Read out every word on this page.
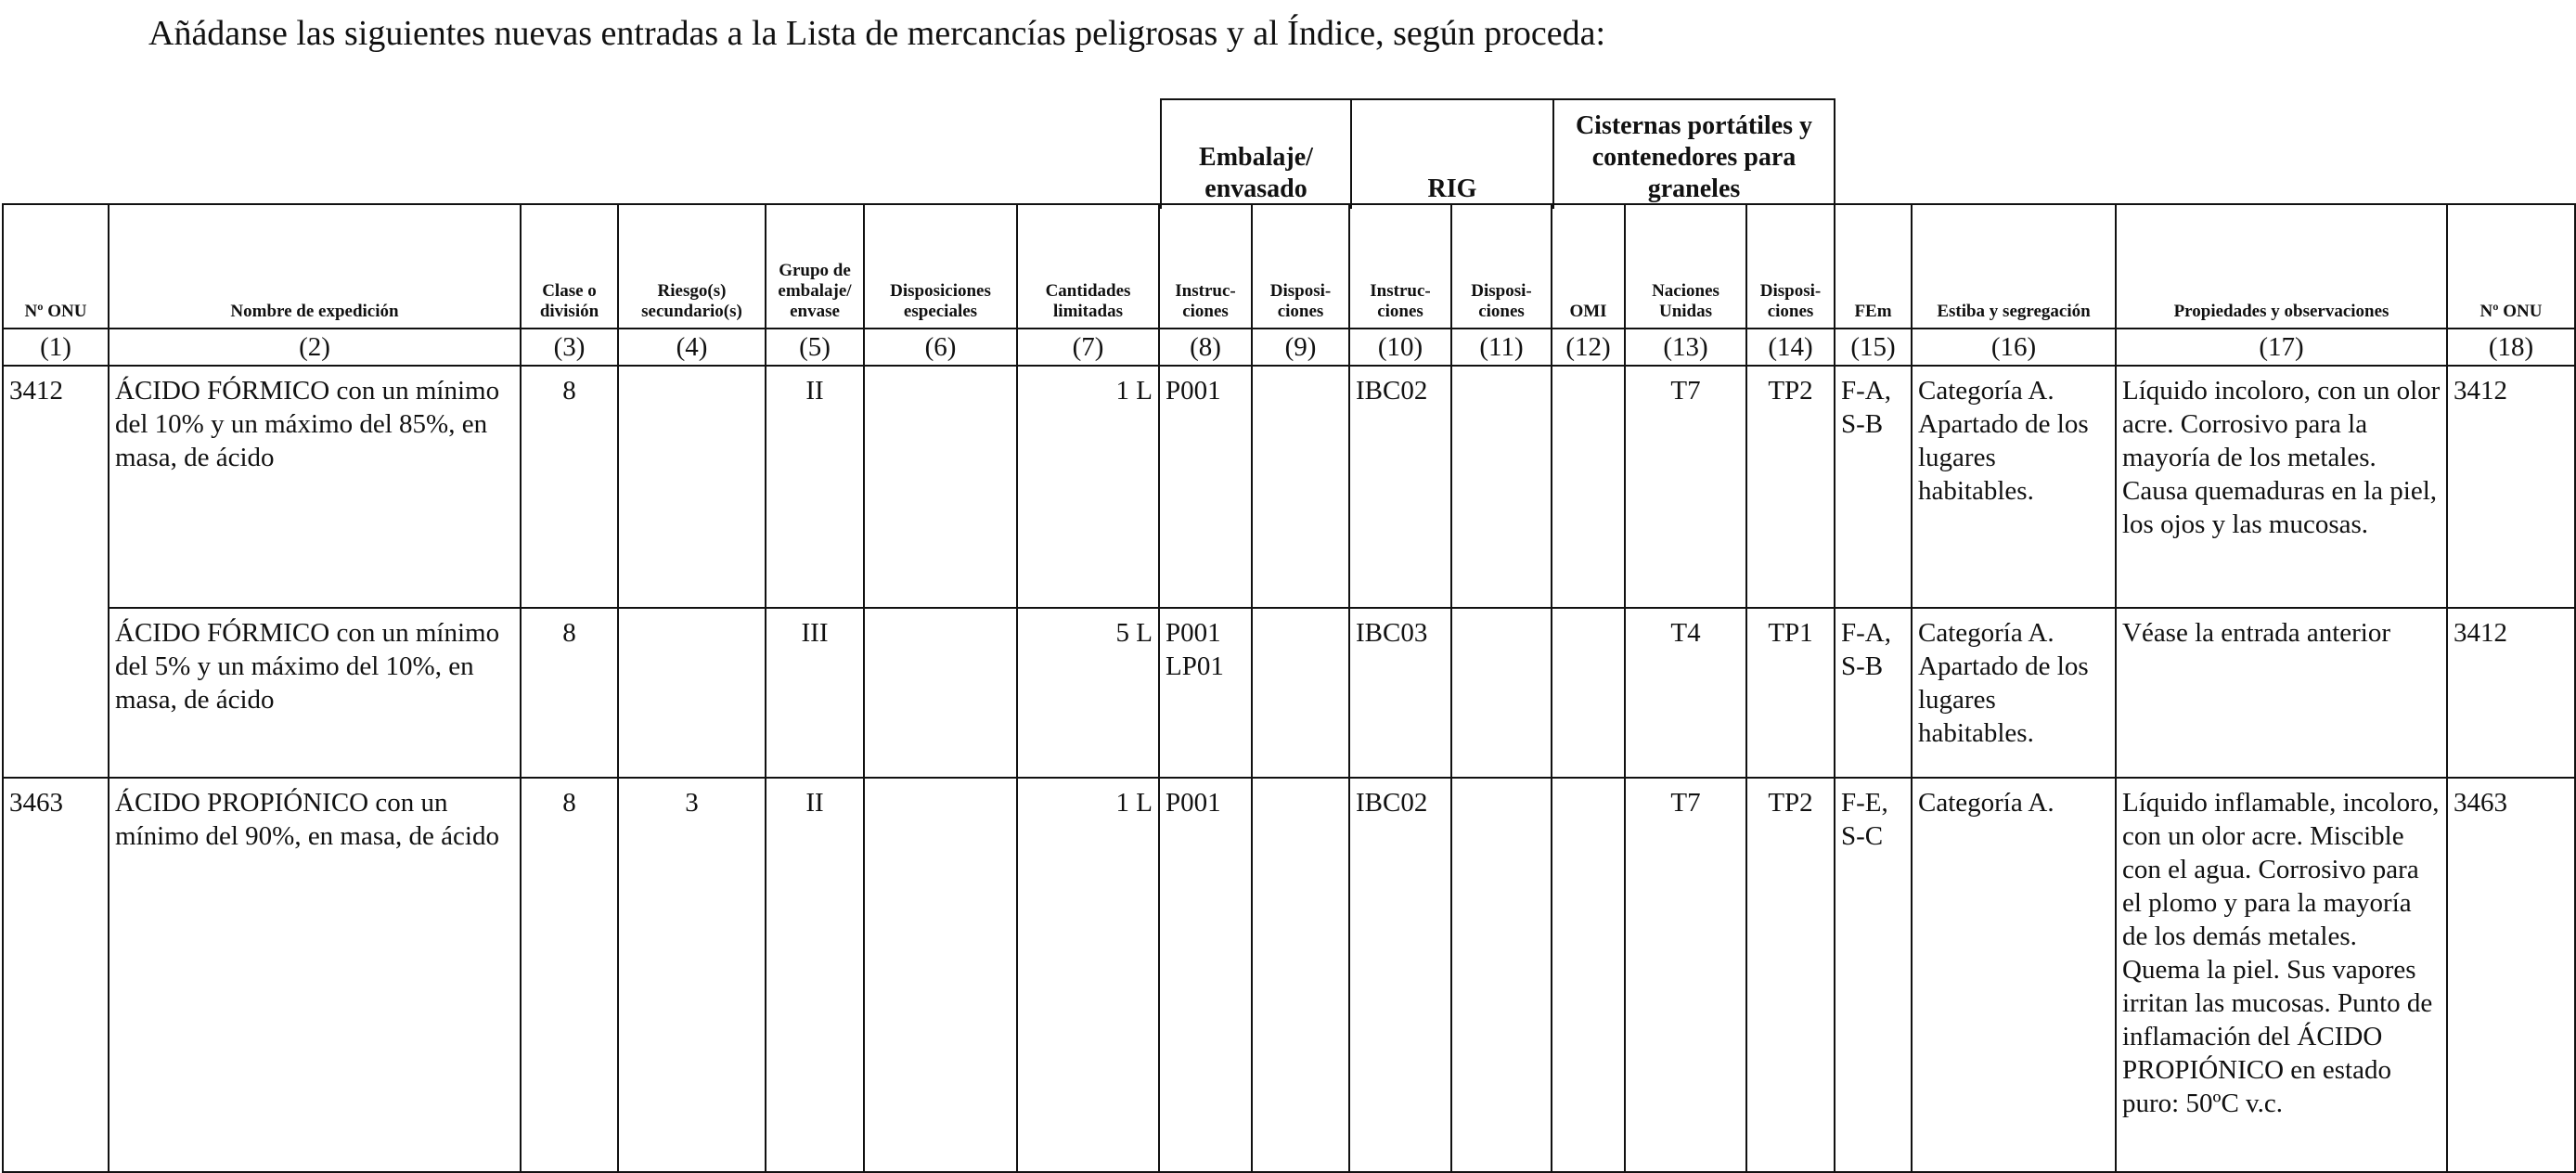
Añádanse las siguientes nuevas entradas a la Lista de mercancías peligrosas y al Índice, según proceda:
Embalaje/ envasado	RIG	Cisternas portátiles y contenedores para graneles
Nº ONU	Nombre de expedición	Clase o división	Riesgo(s) secundario(s)	Grupo de embalaje/ envase	Disposiciones especiales	Cantidades limitadas	Instruc- ciones	Disposi- ciones	Instruc- ciones	Disposi- ciones	OMI	Naciones Unidas	Disposi- ciones	FEm	Estiba y segregación	Propiedades y observaciones	Nº ONU
(1)	(2)	(3)	(4)	(5)	(6)	(7)	(8)	(9)	(10)	(11)	(12)	(13)	(14)	(15)	(16)	(17)	(18)
3412	ÁCIDO FÓRMICO con un mínimo del 10% y un máximo del 85%, en masa, de ácido	8		II		1 L	P001		IBC02			T7	TP2	F-A, S-B	Categoría A. Apartado de los lugares habitables.	Líquido incoloro, con un olor acre. Corrosivo para la mayoría de los metales. Causa quemaduras en la piel, los ojos y las mucosas.	3412
	ÁCIDO FÓRMICO con un mínimo del 5% y un máximo del 10%, en masa, de ácido	8		III		5 L	P001 LP01		IBC03			T4	TP1	F-A, S-B	Categoría A. Apartado de los lugares habitables.	Véase la entrada anterior	3412
3463	ÁCIDO PROPIÓNICO con un mínimo del 90%, en masa, de ácido	8	3	II		1 L	P001		IBC02			T7	TP2	F-E, S-C	Categoría A.	Líquido inflamable, incoloro, con un olor acre. Miscible con el agua. Corrosivo para el plomo y para la mayoría de los demás metales. Quema la piel. Sus vapores irritan las mucosas. Punto de inflamación del ÁCIDO PROPIÓNICO en estado puro: 50ºC v.c.	3463
